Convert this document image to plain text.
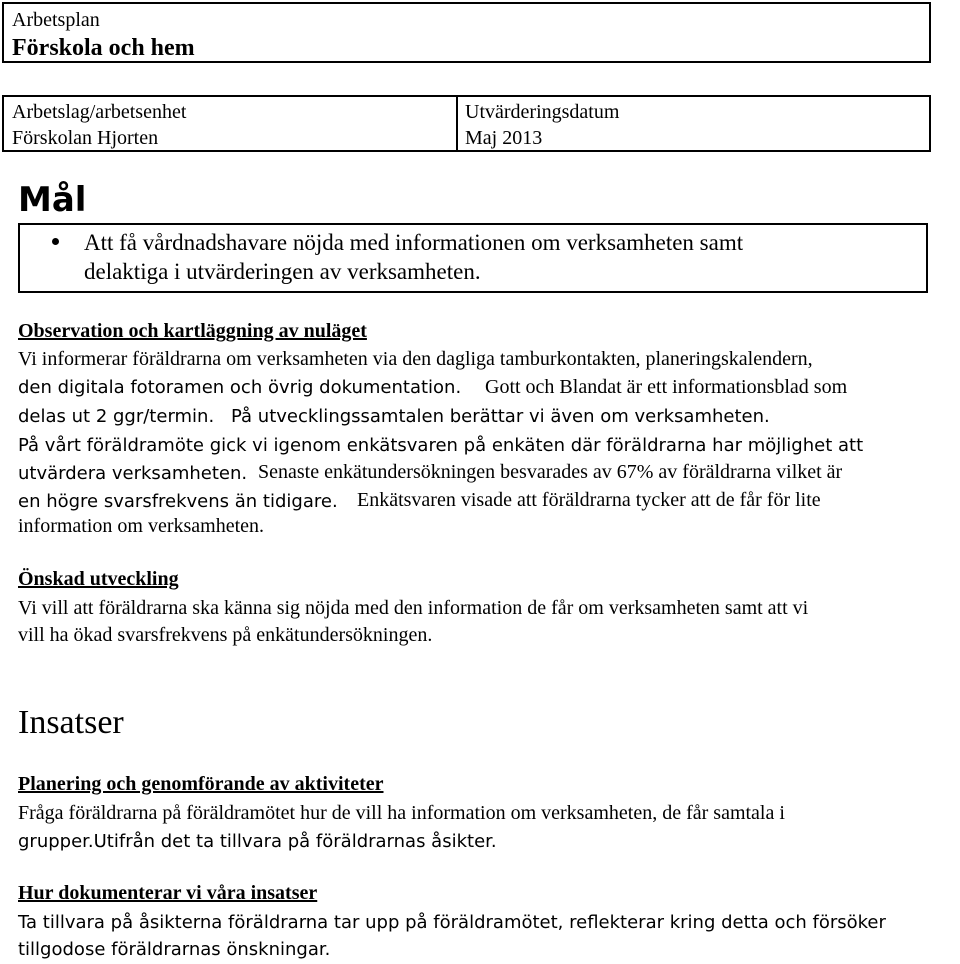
Arbetsplan
Förskola och hem
Arbetslag/arbetsenhet
Förskolan Hjorten
Utvärderingsdatum
Maj 2013
Mål
Att få vårdnadshavare nöjda med informationen om verksamheten samt
delaktiga i utvärderingen av verksamheten.
Observation och kartläggning av nuläget

Vi informerar föräldrarna om verksamheten via den dagliga tamburkontakten, planeringskalendern,

den digitala fotoramen och övrig dokumentation. Gott och Blandat är ett informationsblad som

delas ut 2 ggr/termin. På utvecklingssamtalen berättar vi även om verksamheten.

På vårt föräldramöte gick vi igenom enkätsvaren på enkäten där föräldrarna har möjlighet att

utvärdera verksamheten. Senaste enkätundersökningen besvarades av 67% av föräldrarna vilket är

en högre svarsfrekvens än tidigare. Enkätsvaren visade att föräldrarna tycker att de får för lite

information om verksamheten.

Önskad utveckling

Vi vill att föräldrarna ska känna sig nöjda med den information de får om verksamheten samt att vi

vill ha ökad svarsfrekvens på enkätundersökningen.

Insatser
Planering och genomförande av aktiviteter

Fråga föräldrarna på föräldramötet hur de vill ha information om verksamheten, de får samtala i

grupper.Utifrån det ta tillvara på föräldrarnas åsikter.

Hur dokumenterar vi våra insatser

Ta tillvara på åsikterna föräldrarna tar upp på föräldramötet, reflekterar kring detta och försöker

tillgodose föräldrarnas önskningar.
